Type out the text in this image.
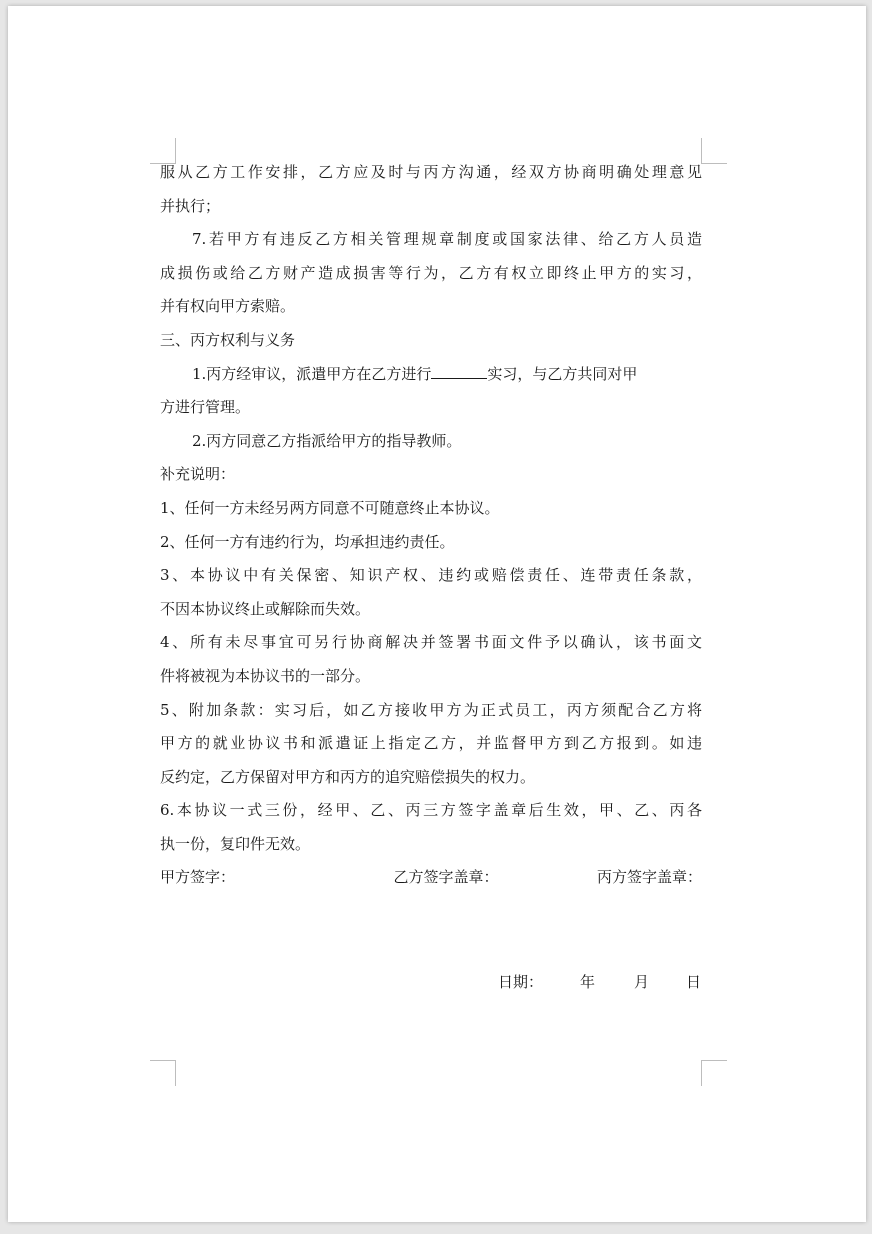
服从乙方工作安排，乙方应及时与丙方沟通，经双方协商明确处理意见
并执行；
7.若甲方有违反乙方相关管理规章制度或国家法律、给乙方人员造
成损伤或给乙方财产造成损害等行为，乙方有权立即终止甲方的实习，
并有权向甲方索赔。
三、丙方权利与义务
1.丙方经审议，派遣甲方在乙方进行	实习，与乙方共同对甲
方进行管理。
2.丙方同意乙方指派给甲方的指导教师。
补充说明：
1、任何一方未经另两方同意不可随意终止本协议。
2、任何一方有违约行为，均承担违约责任。
3、本协议中有关保密、知识产权、违约或赔偿责任、连带责任条款，
不因本协议终止或解除而失效。
4、所有未尽事宜可另行协商解决并签署书面文件予以确认，该书面文
件将被视为本协议书的一部分。
5、附加条款：实习后，如乙方接收甲方为正式员工，丙方须配合乙方将
甲方的就业协议书和派遣证上指定乙方，并监督甲方到乙方报到。如违
反约定，乙方保留对甲方和丙方的追究赔偿损失的权力。
6.本协议一式三份，经甲、乙、丙三方签字盖章后生效，甲、乙、丙各
执一份，复印件无效。
甲方签字：	乙方签字盖章：	丙方签字盖章：
日期： 年	月 日
